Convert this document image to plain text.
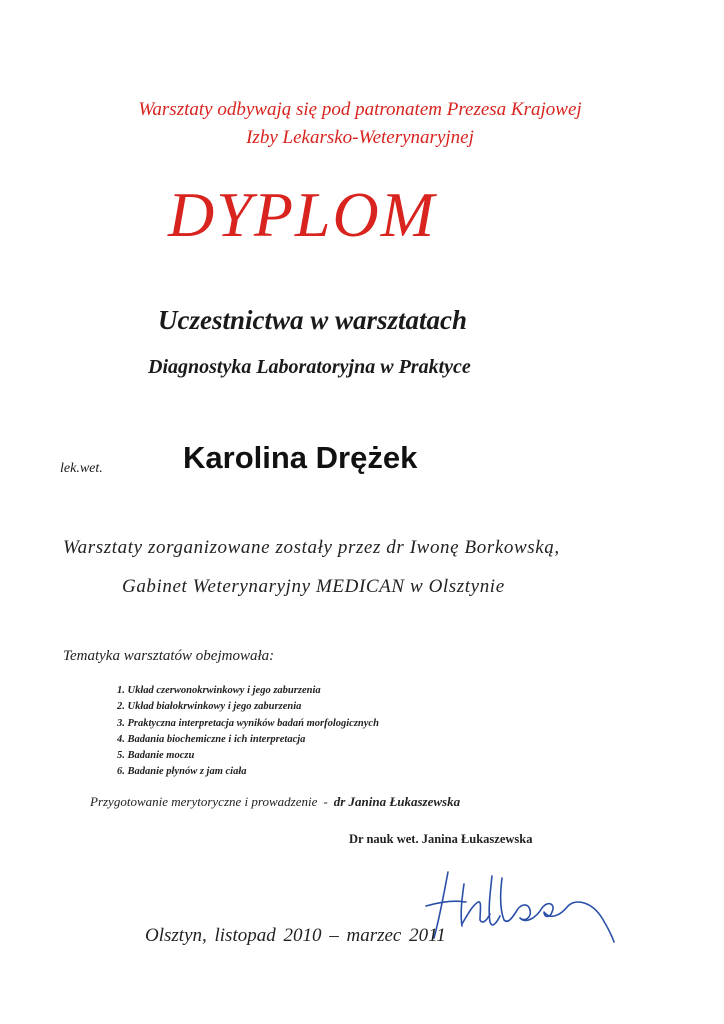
Warsztaty odbywają się pod patronatem Prezesa Krajowej
Izby Lekarsko-Weterynaryjnej
DYPLOM
Uczestnictwa w warsztatach
Diagnostyka Laboratoryjna w Praktyce
lek.wet.	Karolina Drężek
Warsztaty zorganizowane zostały przez dr Iwonę Borkowską,
Gabinet Weterynaryjny MEDICAN w Olsztynie
Tematyka warsztatów obejmowała:
1. Układ czerwonokrwinkowy i jego zaburzenia
2. Układ białokrwinkowy i jego zaburzenia
3. Praktyczna interpretacja wyników badań morfologicznych
4. Badania biochemiczne i ich interpretacja
5. Badanie moczu
6. Badanie płynów z jam ciała
Przygotowanie merytoryczne i prowadzenie - dr Janina Łukaszewska
Dr nauk wet. Janina Łukaszewska
Olsztyn, listopad 2010 – marzec 2011
